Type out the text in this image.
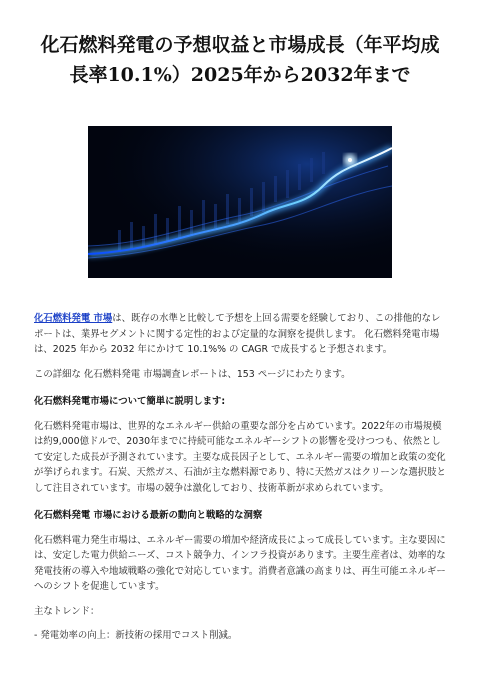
化石燃料発電の予想収益と市場成長（年平均成
長率10.1%）2025年から2032年まで

化石燃料発電 市場は、既存の水準と比較して予想を上回る需要を経験しており、この排他的なレポートは、業界セグメントに関する定性的および定量的な洞察を提供します。 化石燃料発電市場は、2025 年から 2032 年にかけて 10.1%% の CAGR で成長すると予想されます。

この詳細な 化石燃料発電 市場調査レポートは、153 ページにわたります。

化石燃料発電市場について簡単に説明します:

化石燃料発電市場は、世界的なエネルギー供給の重要な部分を占めています。2022年の市場規模は約9,000億ドルで、2030年までに持続可能なエネルギーシフトの影響を受けつつも、依然として安定した成長が予測されています。主要な成長因子として、エネルギー需要の増加と政策の変化が挙げられます。石炭、天然ガス、石油が主な燃料源であり、特に天然ガスはクリーンな選択肢として注目されています。市場の競争は激化しており、技術革新が求められています。

化石燃料発電 市場における最新の動向と戦略的な洞察

化石燃料電力発生市場は、エネルギー需要の増加や経済成長によって成長しています。主な要因には、安定した電力供給ニーズ、コスト競争力、インフラ投資があります。主要生産者は、効率的な発電技術の導入や地域戦略の強化で対応しています。消費者意識の高まりは、再生可能エネルギーへのシフトを促進しています。

主なトレンド：

- 発電効率の向上：新技術の採用でコスト削減。
